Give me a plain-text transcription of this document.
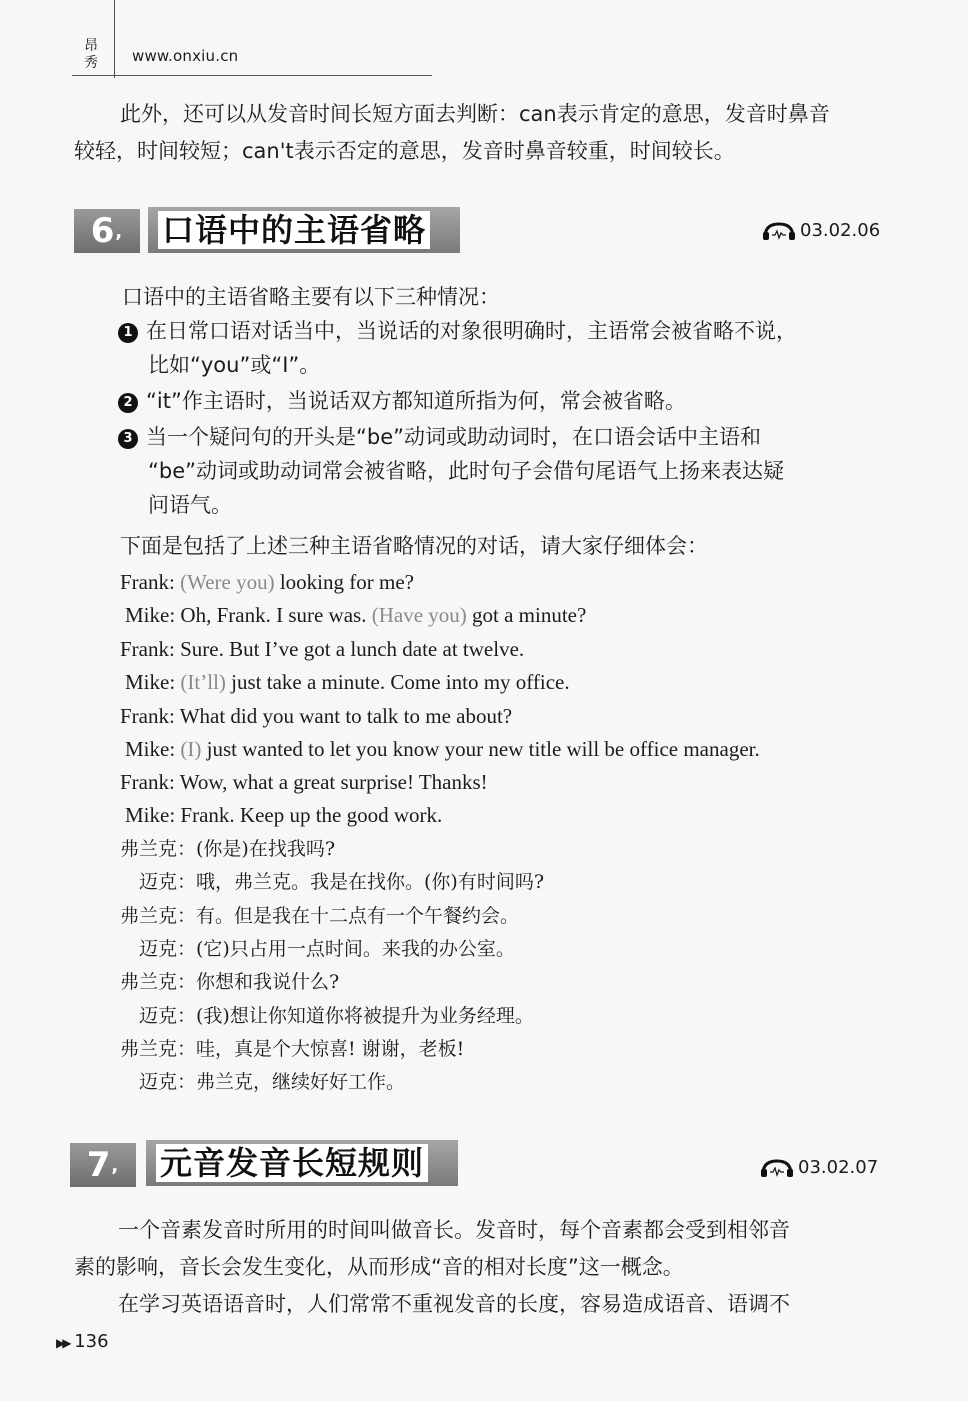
昂秀	www.onxiu.cn
此外，还可以从发音时间长短方面去判断：can表示肯定的意思，发音时鼻音
较轻，时间较短；can't表示否定的意思，发音时鼻音较重，时间较长。
6,	口语中的主语省略	03.02.06
口语中的主语省略主要有以下三种情况：
1 在日常口语对话当中，当说话的对象很明确时，主语常会被省略不说，
比如“you”或“I”。
2 “it”作主语时，当说话双方都知道所指为何，常会被省略。
3 当一个疑问句的开头是“be”动词或助动词时，在口语会话中主语和
“be”动词或助动词常会被省略，此时句子会借句尾语气上扬来表达疑
问语气。
下面是包括了上述三种主语省略情况的对话，请大家仔细体会：
Frank: (Were you) looking for me?
Mike: Oh, Frank. I sure was. (Have you) got a minute?
Frank: Sure. But I’ve got a lunch date at twelve.
Mike: (It’ll) just take a minute. Come into my office.
Frank: What did you want to talk to me about?
Mike: (I) just wanted to let you know your new title will be office manager.
Frank: Wow, what a great surprise! Thanks!
Mike: Frank. Keep up the good work.
弗兰克：(你是)在找我吗?
迈克：哦，弗兰克。我是在找你。(你)有时间吗?
弗兰克：有。但是我在十二点有一个午餐约会。
迈克：(它)只占用一点时间。来我的办公室。
弗兰克：你想和我说什么?
迈克：(我)想让你知道你将被提升为业务经理。
弗兰克：哇，真是个大惊喜! 谢谢，老板!
迈克：弗兰克，继续好好工作。
7,	元音发音长短规则	03.02.07
一个音素发音时所用的时间叫做音长。发音时，每个音素都会受到相邻音
素的影响，音长会发生变化，从而形成“音的相对长度”这一概念。
在学习英语语音时，人们常常不重视发音的长度，容易造成语音、语调不
▶▶ 136
